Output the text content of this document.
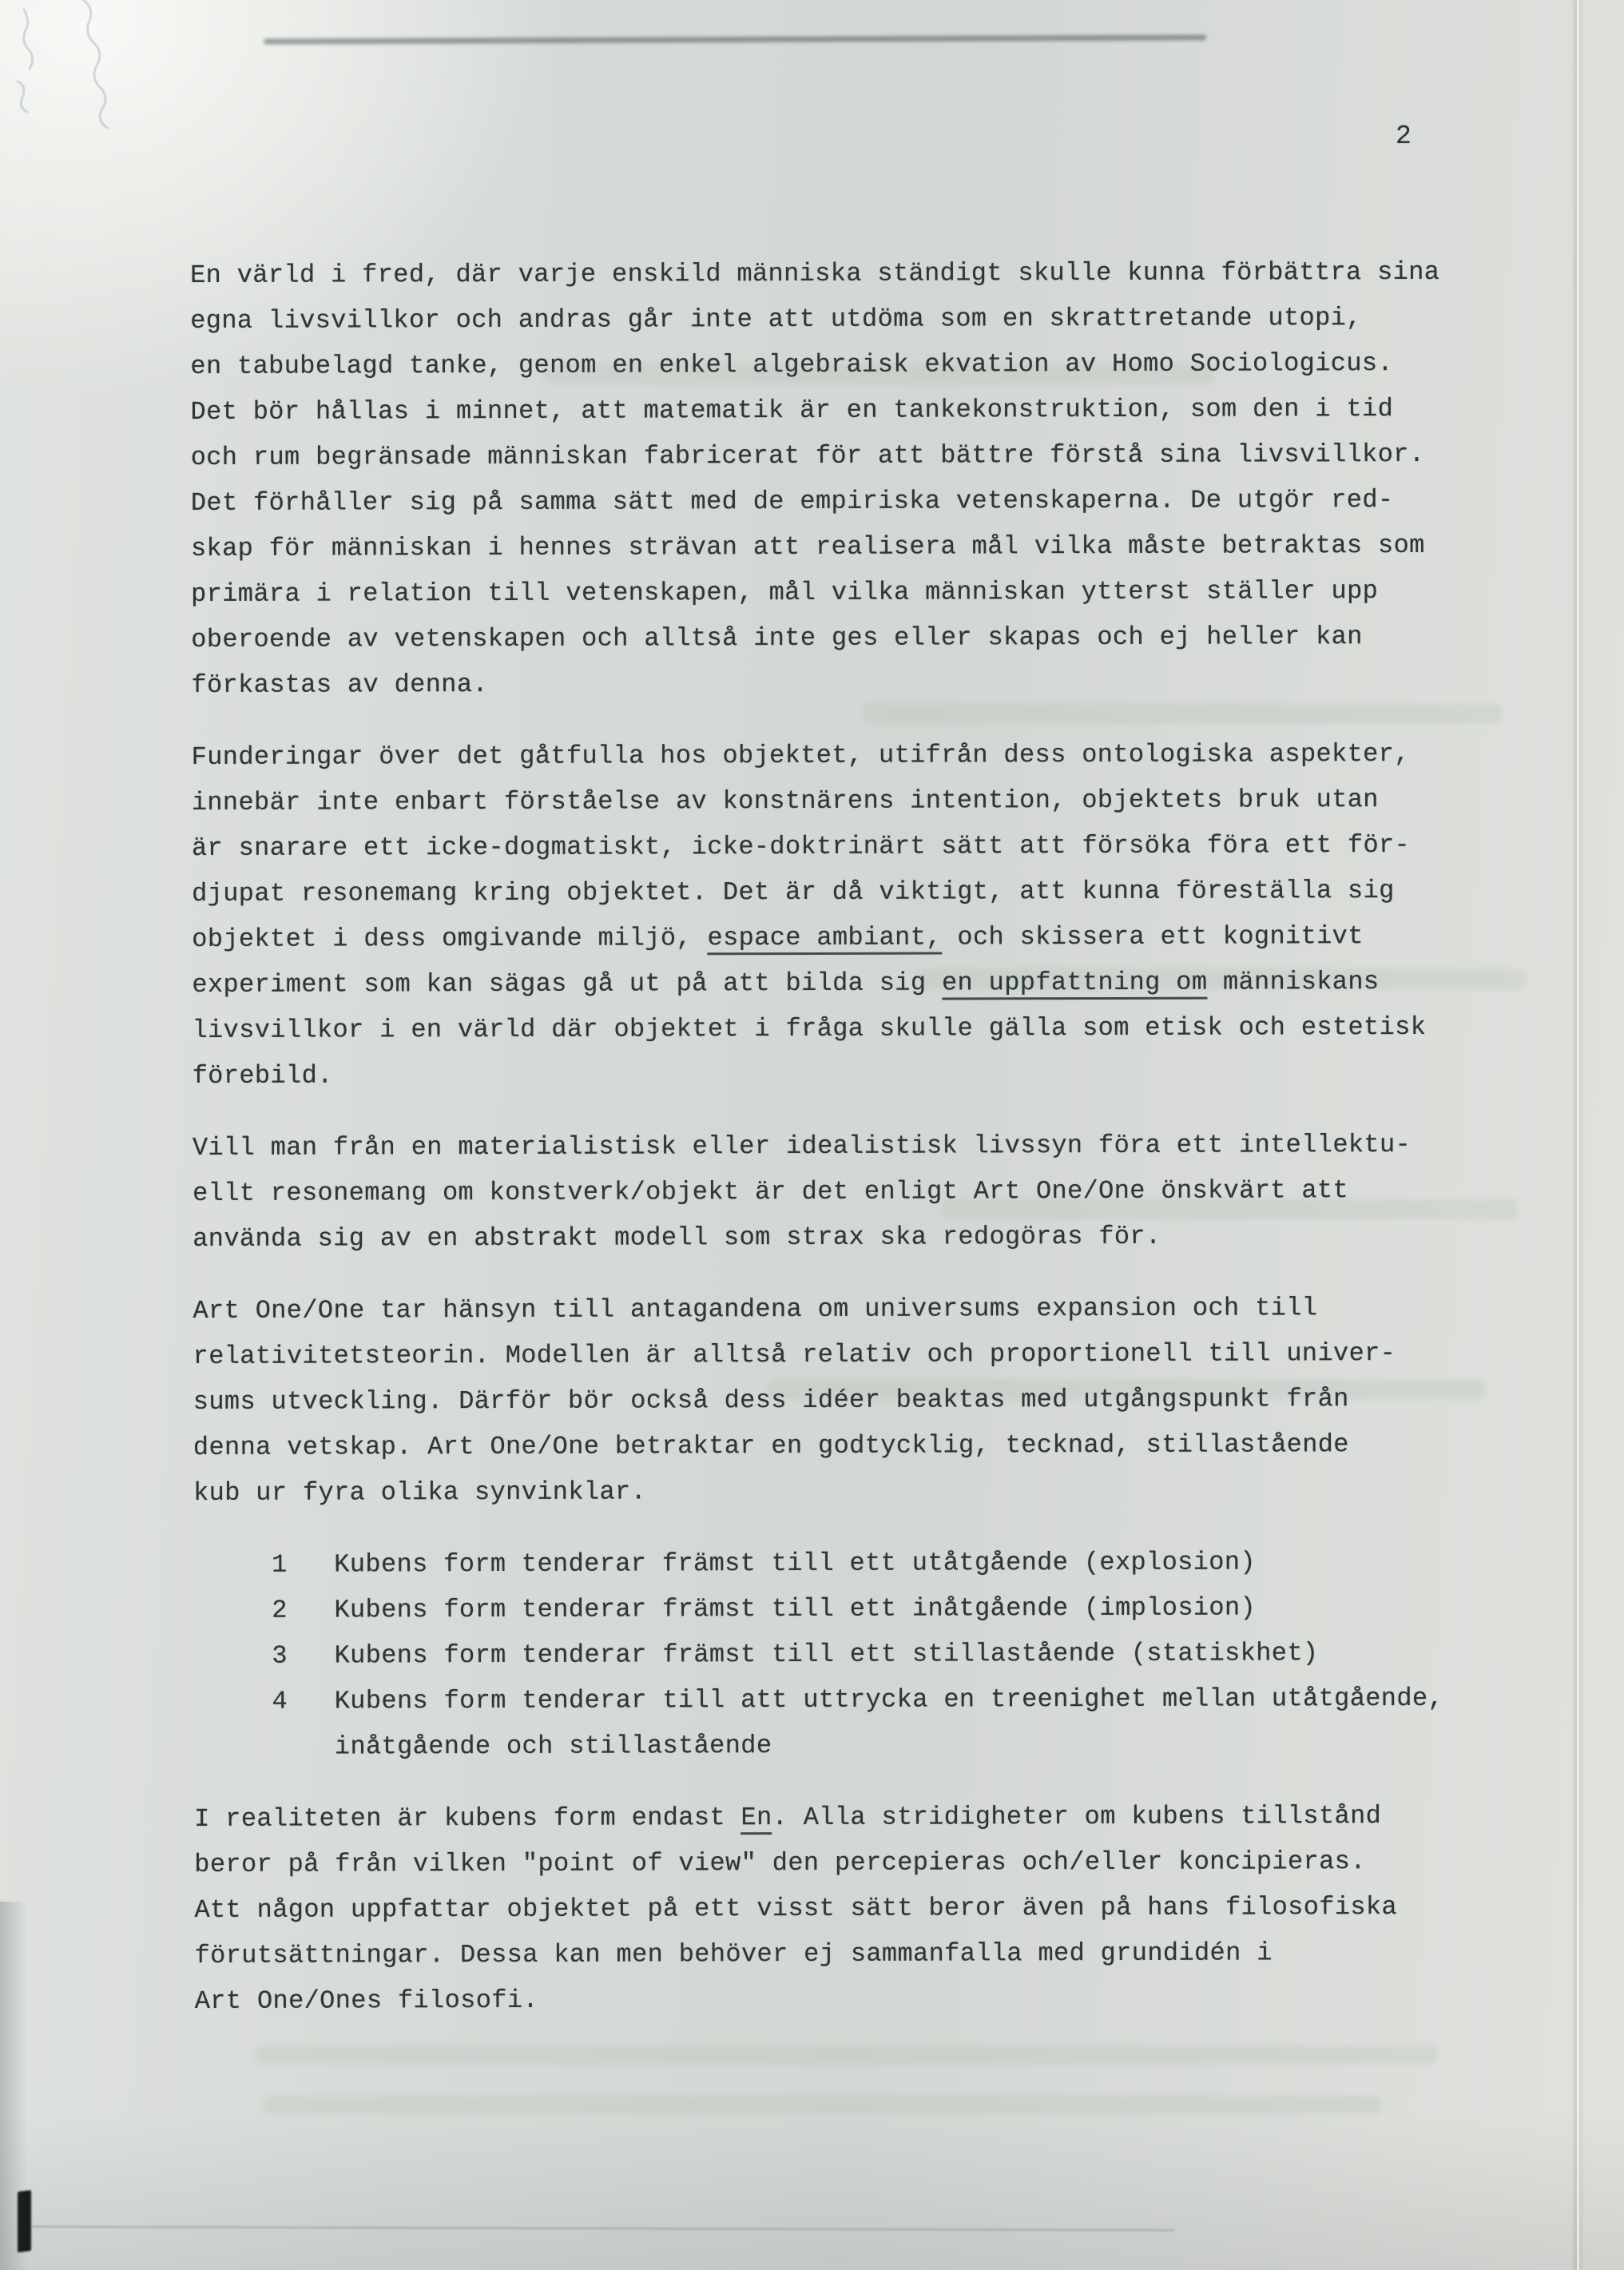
2
En värld i fred, där varje enskild människa ständigt skulle kunna förbättra sina
egna livsvillkor och andras går inte att utdöma som en skrattretande utopi,
en tabubelagd tanke, genom en enkel algebraisk ekvation av Homo Sociologicus.
Det bör hållas i minnet, att matematik är en tankekonstruktion, som den i tid
och rum begränsade människan fabricerat för att bättre förstå sina livsvillkor.
Det förhåller sig på samma sätt med de empiriska vetenskaperna. De utgör red-
skap för människan i hennes strävan att realisera mål vilka måste betraktas som
primära i relation till vetenskapen, mål vilka människan ytterst ställer upp
oberoende av vetenskapen och alltså inte ges eller skapas och ej heller kan
förkastas av denna.
Funderingar över det gåtfulla hos objektet, utifrån dess ontologiska aspekter,
innebär inte enbart förståelse av konstnärens intention, objektets bruk utan
är snarare ett icke-dogmatiskt, icke-doktrinärt sätt att försöka föra ett för-
djupat resonemang kring objektet. Det är då viktigt, att kunna föreställa sig
objektet i dess omgivande miljö, espace ambiant, och skissera ett kognitivt
experiment som kan sägas gå ut på att bilda sig en uppfattning om människans
livsvillkor i en värld där objektet i fråga skulle gälla som etisk och estetisk
förebild.
Vill man från en materialistisk eller idealistisk livssyn föra ett intellektu-
ellt resonemang om konstverk/objekt är det enligt Art One/One önskvärt att
använda sig av en abstrakt modell som strax ska redogöras för.
Art One/One tar hänsyn till antagandena om universums expansion och till
relativitetsteorin. Modellen är alltså relativ och proportionell till univer-
sums utveckling. Därför bör också dess idéer beaktas med utgångspunkt från
denna vetskap. Art One/One betraktar en godtycklig, tecknad, stillastående
kub ur fyra olika synvinklar.
1   Kubens form tenderar främst till ett utåtgående (explosion)
2   Kubens form tenderar främst till ett inåtgående (implosion)
3   Kubens form tenderar främst till ett stillastående (statiskhet)
4   Kubens form tenderar till att uttrycka en treenighet mellan utåtgående,
inåtgående och stillastående
I realiteten är kubens form endast En. Alla stridigheter om kubens tillstånd
beror på från vilken "point of view" den percepieras och/eller koncipieras.
Att någon uppfattar objektet på ett visst sätt beror även på hans filosofiska
förutsättningar. Dessa kan men behöver ej sammanfalla med grundidén i
Art One/Ones filosofi.
